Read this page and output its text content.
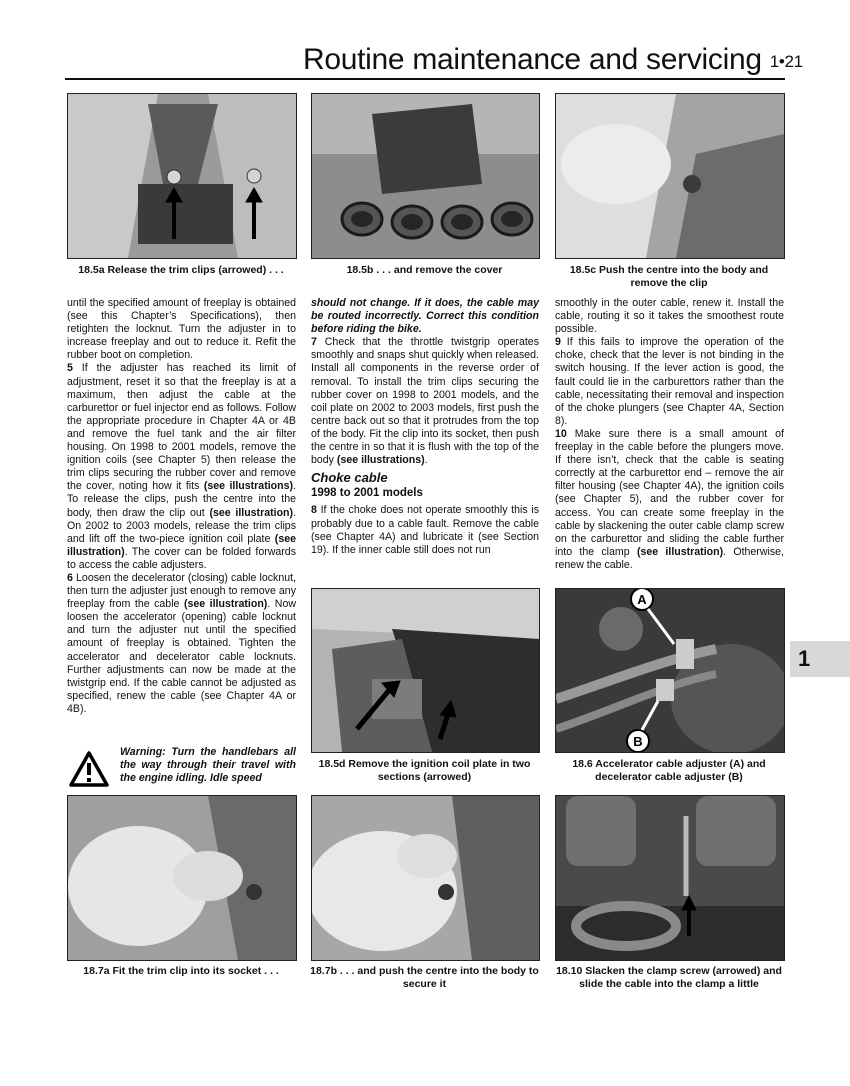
Routine maintenance and servicing 1•21
18.5a Release the trim clips (arrowed) . . .	18.5b . . . and remove the cover	18.5c Push the centre into the body and remove the clip

until the specified amount of freeplay is obtained (see this Chapter’s Specifications), then retighten the locknut. Turn the adjuster in to increase freeplay and out to reduce it. Refit the rubber boot on completion.

5 If the adjuster has reached its limit of adjustment, reset it so that the freeplay is at a maximum, then adjust the cable at the carburettor or fuel injector end as follows. Follow the appropriate procedure in Chapter 4A or 4B and remove the fuel tank and the air filter housing. On 1998 to 2001 models, remove the ignition coils (see Chapter 5) then release the trim clips securing the rubber cover and remove the cover, noting how it fits (see illustrations). To release the clips, push the centre into the body, then draw the clip out (see illustration). On 2002 to 2003 models, release the trim clips and lift off the two-piece ignition coil plate (see illustration). The cover can be folded forwards to access the cable adjusters.

6 Loosen the decelerator (closing) cable locknut, then turn the adjuster just enough to remove any freeplay from the cable (see illustration). Now loosen the accelerator (opening) cable locknut and turn the adjuster nut until the specified amount of freeplay is obtained. Tighten the accelerator and decelerator cable locknuts. Further adjustments can now be made at the twistgrip end. If the cable cannot be adjusted as specified, renew the cable (see Chapter 4A or 4B).

Warning: Turn the handlebars all the way through their travel with the engine idling. Idle speed

should not change. If it does, the cable may be routed incorrectly. Correct this condition before riding the bike.

7 Check that the throttle twistgrip operates smoothly and snaps shut quickly when released. Install all components in the reverse order of removal. To install the trim clips securing the rubber cover on 1998 to 2001 models, and the coil plate on 2002 to 2003 models, first push the centre back out so that it protrudes from the top of the body. Fit the clip into its socket, then push the centre in so that it is flush with the top of the body (see illustrations).

Choke cable
1998 to 2001 models

8 If the choke does not operate smoothly this is probably due to a cable fault. Remove the cable (see Chapter 4A) and lubricate it (see Section 19). If the inner cable still does not run

smoothly in the outer cable, renew it. Install the cable, routing it so it takes the smoothest route possible.

9 If this fails to improve the operation of the choke, check that the lever is not binding in the switch housing. If the lever action is good, the fault could lie in the carburettors rather than the cable, necessitating their removal and inspection of the choke plungers (see Chapter 4A, Section 8).

10 Make sure there is a small amount of freeplay in the cable before the plungers move. If there isn’t, check that the cable is seating correctly at the carburettor end – remove the air filter housing (see Chapter 4A), the ignition coils (see Chapter 5), and the rubber cover for access. You can create some freeplay in the cable by slackening the outer cable clamp screw on the carburettor and sliding the cable further into the clamp (see illustration). Otherwise, renew the cable.

18.5d Remove the ignition coil plate in two sections (arrowed)
A
B
18.6 Accelerator cable adjuster (A) and decelerator cable adjuster (B)
18.7a Fit the trim clip into its socket . . .	18.7b . . . and push the centre into the body to secure it
18.10 Slacken the clamp screw (arrowed) and slide the cable into the clamp a little
1
